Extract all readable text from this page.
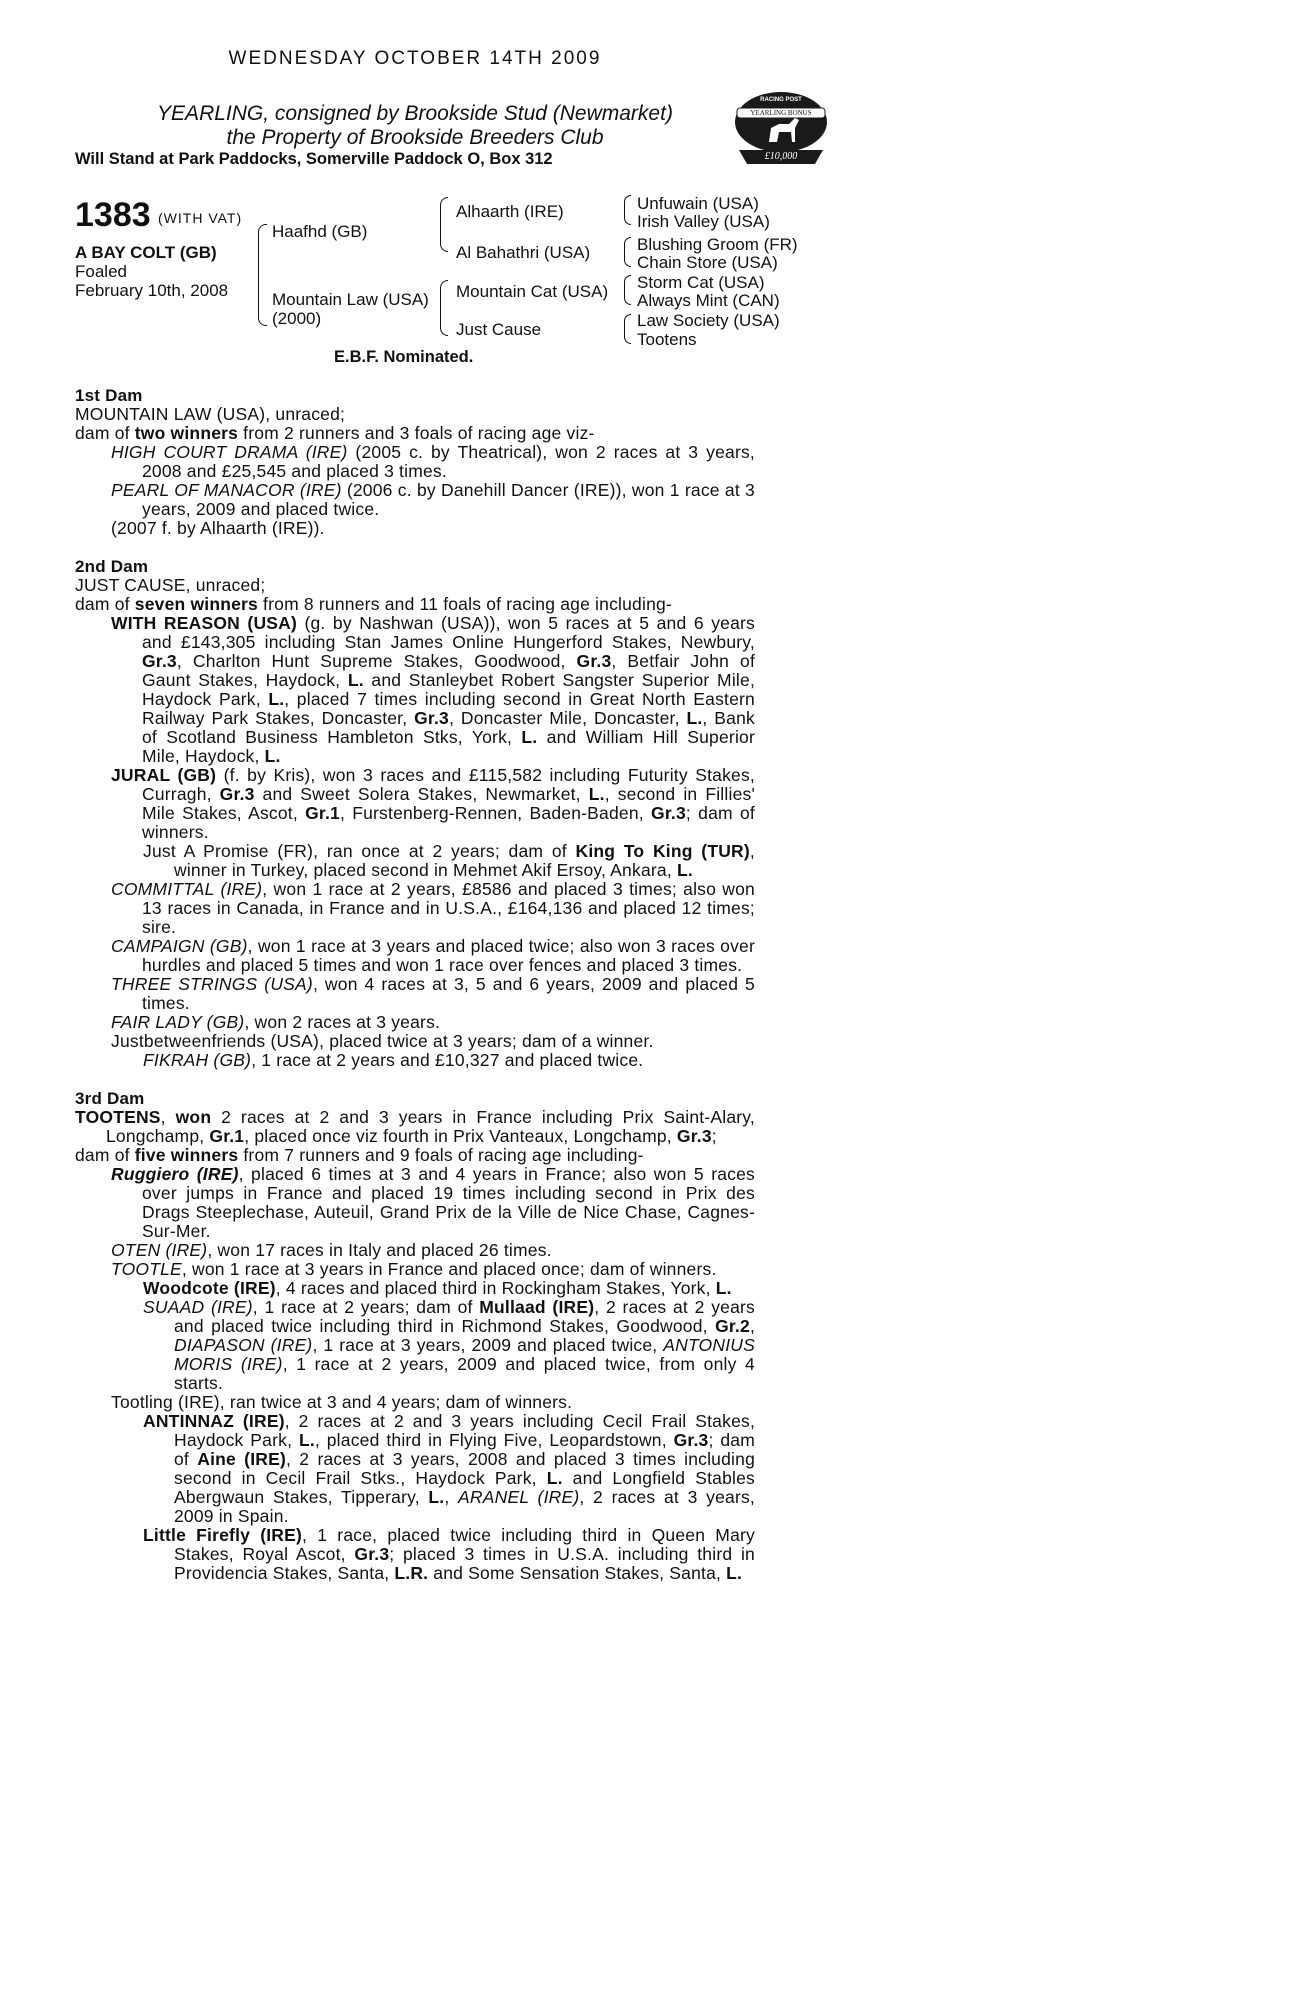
WEDNESDAY OCTOBER 14TH 2009
YEARLING, consigned by Brookside Stud (Newmarket)
the Property of Brookside Breeders Club
Will Stand at Park Paddocks, Somerville Paddock O, Box 312
RACING POST
YEARLING BONUS
£10,000
1383 (WITH VAT)
A BAY COLT (GB)
Foaled
February 10th, 2008
Haafhd (GB)
Mountain Law (USA)
(2000)
Alhaarth (IRE)
Al Bahathri (USA)
Mountain Cat (USA)
Just Cause
Unfuwain (USA)
Irish Valley (USA)
Blushing Groom (FR)
Chain Store (USA)
Storm Cat (USA)
Always Mint (CAN)
Law Society (USA)
Tootens
E.B.F. Nominated.

1st Dam

MOUNTAIN LAW (USA), unraced;

dam of two winners from 2 runners and 3 foals of racing age viz-

HIGH COURT DRAMA (IRE) (2005 c. by Theatrical), won 2 races at 3 years, 2008 and £25,545 and placed 3 times.

PEARL OF MANACOR (IRE) (2006 c. by Danehill Dancer (IRE)), won 1 race at 3 years, 2009 and placed twice.

(2007 f. by Alhaarth (IRE)).

2nd Dam

JUST CAUSE, unraced;

dam of seven winners from 8 runners and 11 foals of racing age including-

WITH REASON (USA) (g. by Nashwan (USA)), won 5 races at 5 and 6 years and £143,305 including Stan James Online Hungerford Stakes, Newbury, Gr.3, Charlton Hunt Supreme Stakes, Goodwood, Gr.3, Betfair John of Gaunt Stakes, Haydock, L. and Stanleybet Robert Sangster Superior Mile, Haydock Park, L., placed 7 times including second in Great North Eastern Railway Park Stakes, Doncaster, Gr.3, Doncaster Mile, Doncaster, L., Bank of Scotland Business Hambleton Stks, York, L. and William Hill Superior Mile, Haydock, L.

JURAL (GB) (f. by Kris), won 3 races and £115,582 including Futurity Stakes, Curragh, Gr.3 and Sweet Solera Stakes, Newmarket, L., second in Fillies' Mile Stakes, Ascot, Gr.1, Furstenberg-Rennen, Baden-Baden, Gr.3; dam of winners.

Just A Promise (FR), ran once at 2 years; dam of King To King (TUR), winner in Turkey, placed second in Mehmet Akif Ersoy, Ankara, L.

COMMITTAL (IRE), won 1 race at 2 years, £8586 and placed 3 times; also won 13 races in Canada, in France and in U.S.A., £164,136 and placed 12 times; sire.

CAMPAIGN (GB), won 1 race at 3 years and placed twice; also won 3 races over hurdles and placed 5 times and won 1 race over fences and placed 3 times.

THREE STRINGS (USA), won 4 races at 3, 5 and 6 years, 2009 and placed 5 times.

FAIR LADY (GB), won 2 races at 3 years.

Justbetweenfriends (USA), placed twice at 3 years; dam of a winner.

FIKRAH (GB), 1 race at 2 years and £10,327 and placed twice.

3rd Dam

TOOTENS, won 2 races at 2 and 3 years in France including Prix Saint-Alary, Longchamp, Gr.1, placed once viz fourth in Prix Vanteaux, Longchamp, Gr.3;

dam of five winners from 7 runners and 9 foals of racing age including-

Ruggiero (IRE), placed 6 times at 3 and 4 years in France; also won 5 races over jumps in France and placed 19 times including second in Prix des Drags Steeplechase, Auteuil, Grand Prix de la Ville de Nice Chase, Cagnes-Sur-Mer.

OTEN (IRE), won 17 races in Italy and placed 26 times.

TOOTLE, won 1 race at 3 years in France and placed once; dam of winners.

Woodcote (IRE), 4 races and placed third in Rockingham Stakes, York, L.

SUAAD (IRE), 1 race at 2 years; dam of Mullaad (IRE), 2 races at 2 years and placed twice including third in Richmond Stakes, Goodwood, Gr.2, DIAPASON (IRE), 1 race at 3 years, 2009 and placed twice, ANTONIUS MORIS (IRE), 1 race at 2 years, 2009 and placed twice, from only 4 starts.

Tootling (IRE), ran twice at 3 and 4 years; dam of winners.

ANTINNAZ (IRE), 2 races at 2 and 3 years including Cecil Frail Stakes, Haydock Park, L., placed third in Flying Five, Leopardstown, Gr.3; dam of Aine (IRE), 2 races at 3 years, 2008 and placed 3 times including second in Cecil Frail Stks., Haydock Park, L. and Longfield Stables Abergwaun Stakes, Tipperary, L., ARANEL (IRE), 2 races at 3 years, 2009 in Spain.

Little Firefly (IRE), 1 race, placed twice including third in Queen Mary Stakes, Royal Ascot, Gr.3; placed 3 times in U.S.A. including third in Providencia Stakes, Santa, L.R. and Some Sensation Stakes, Santa, L.
